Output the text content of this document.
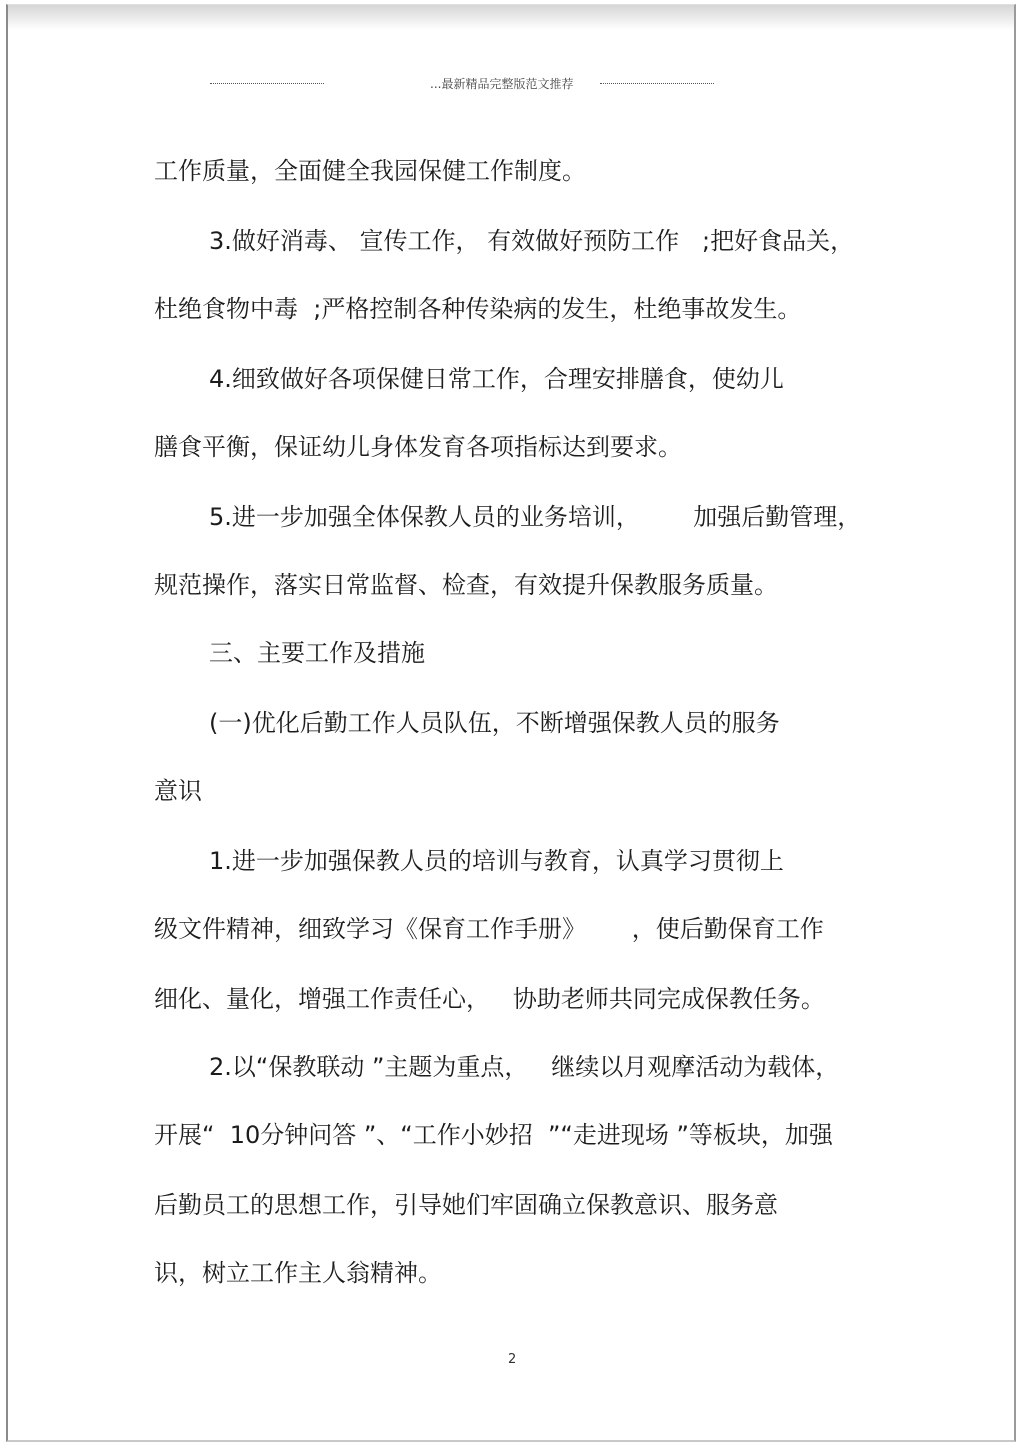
...最新精品完整版范文推荐
工作质量，全面健全我园保健工作制度。
3.做好消毒、 宣传工作， 有效做好预防工作   ;把好食品关，
杜绝食物中毒  ;严格控制各种传染病的发生，杜绝事故发生。
4.细致做好各项保健日常工作，合理安排膳食，使幼儿
膳食平衡，保证幼儿身体发育各项指标达到要求。
5.进一步加强全体保教人员的业务培训，       加强后勤管理，
规范操作，落实日常监督、检查，有效提升保教服务质量。
三、主要工作及措施
(一)优化后勤工作人员队伍，不断增强保教人员的服务
意识
1.进一步加强保教人员的培训与教育，认真学习贯彻上
级文件精神，细致学习《保育工作手册》      ，使后勤保育工作
细化、量化，增强工作责任心，   协助老师共同完成保教任务。
2.以“保教联动 ”主题为重点，   继续以月观摩活动为载体，
开展“  10分钟问答 ”、“工作小妙招  ”“走进现场 ”等板块，加强
后勤员工的思想工作，引导她们牢固确立保教意识、服务意
识，树立工作主人翁精神。
2
